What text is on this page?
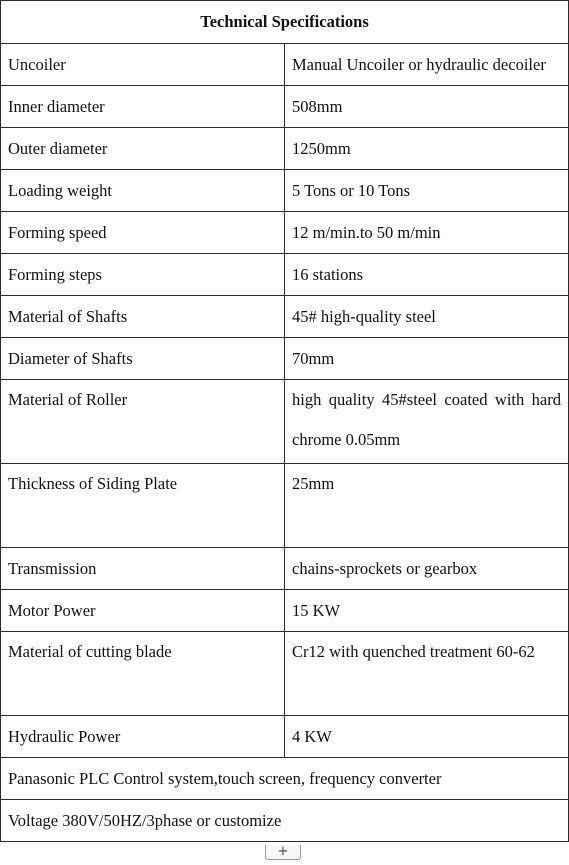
Technical Specifications	
Uncoiler	Manual Uncoiler or hydraulic decoiler
Inner diameter	508mm
Outer diameter	1250mm
Loading weight	5 Tons or 10 Tons
Forming speed	12 m/min.to 50 m/min
Forming steps	16 stations
Material of Shafts	45# high-quality steel
Diameter of Shafts	70mm
Material of Roller	high quality 45#steel coated with hard chrome 0.05mm
Thickness of Siding Plate	25mm
Transmission	chains-sprockets or gearbox
Motor Power	15 KW
Material of cutting blade	Cr12 with quenched treatment 60-62
Hydraulic Power	4 KW
Panasonic PLC Control system,touch screen, frequency converter	
Voltage 380V/50HZ/3phase or customize	
+
